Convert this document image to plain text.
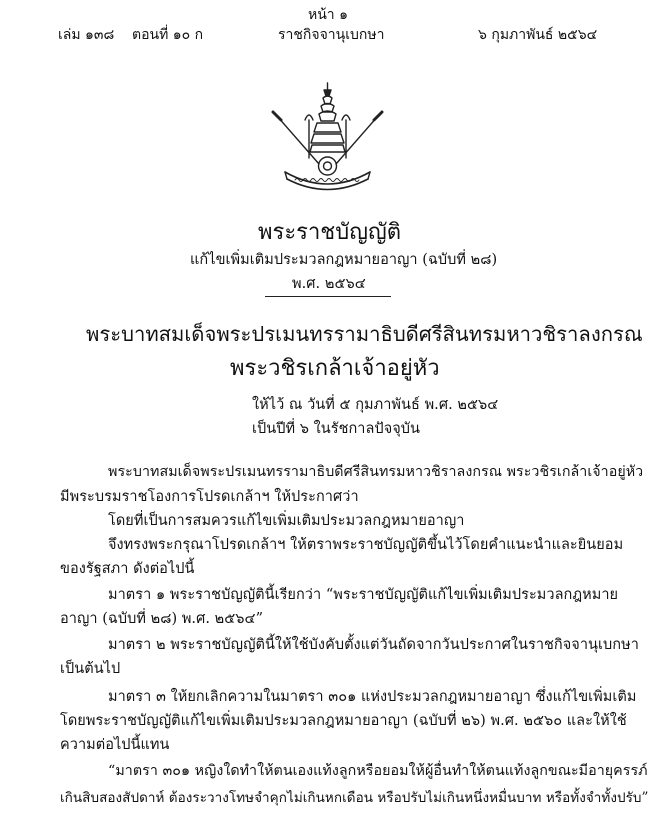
หน้า ๑
เล่ม ๑๓๘ ตอนที่ ๑๐ ก	ราชกิจจานุเบกษา	๖ กุมภาพันธ์ ๒๕๖๔
พระราชบัญญัติ
แก้ไขเพิ่มเติมประมวลกฎหมายอาญา (ฉบับที่ ๒๘)
พ.ศ. ๒๕๖๔
พระบาทสมเด็จพระปรเมนทรรามาธิบดีศรีสินทรมหาวชิราลงกรณ
พระวชิรเกล้าเจ้าอยู่หัว
ให้ไว้ ณ วันที่ ๕ กุมภาพันธ์ พ.ศ. ๒๕๖๔
เป็นปีที่ ๖ ในรัชกาลปัจจุบัน
พระบาทสมเด็จพระปรเมนทรรามาธิบดีศรีสินทรมหาวชิราลงกรณ พระวชิรเกล้าเจ้าอยู่หัว
มีพระบรมราชโองการโปรดเกล้าฯ ให้ประกาศว่า
โดยที่เป็นการสมควรแก้ไขเพิ่มเติมประมวลกฎหมายอาญา
จึงทรงพระกรุณาโปรดเกล้าฯ ให้ตราพระราชบัญญัติขึ้นไว้โดยคำแนะนำและยินยอม
ของรัฐสภา ดังต่อไปนี้
มาตรา ๑ พระราชบัญญัตินี้เรียกว่า “พระราชบัญญัติแก้ไขเพิ่มเติมประมวลกฎหมาย
อาญา (ฉบับที่ ๒๘) พ.ศ. ๒๕๖๔”
มาตรา ๒ พระราชบัญญัตินี้ให้ใช้บังคับตั้งแต่วันถัดจากวันประกาศในราชกิจจานุเบกษา
เป็นต้นไป
มาตรา ๓ ให้ยกเลิกความในมาตรา ๓๐๑ แห่งประมวลกฎหมายอาญา ซึ่งแก้ไขเพิ่มเติม
โดยพระราชบัญญัติแก้ไขเพิ่มเติมประมวลกฎหมายอาญา (ฉบับที่ ๒๖) พ.ศ. ๒๕๖๐ และให้ใช้
ความต่อไปนี้แทน
“มาตรา ๓๐๑ หญิงใดทำให้ตนเองแท้งลูกหรือยอมให้ผู้อื่นทำให้ตนแท้งลูกขณะมีอายุครรภ์
เกินสิบสองสัปดาห์ ต้องระวางโทษจำคุกไม่เกินหกเดือน หรือปรับไม่เกินหนึ่งหมื่นบาท หรือทั้งจำทั้งปรับ”
